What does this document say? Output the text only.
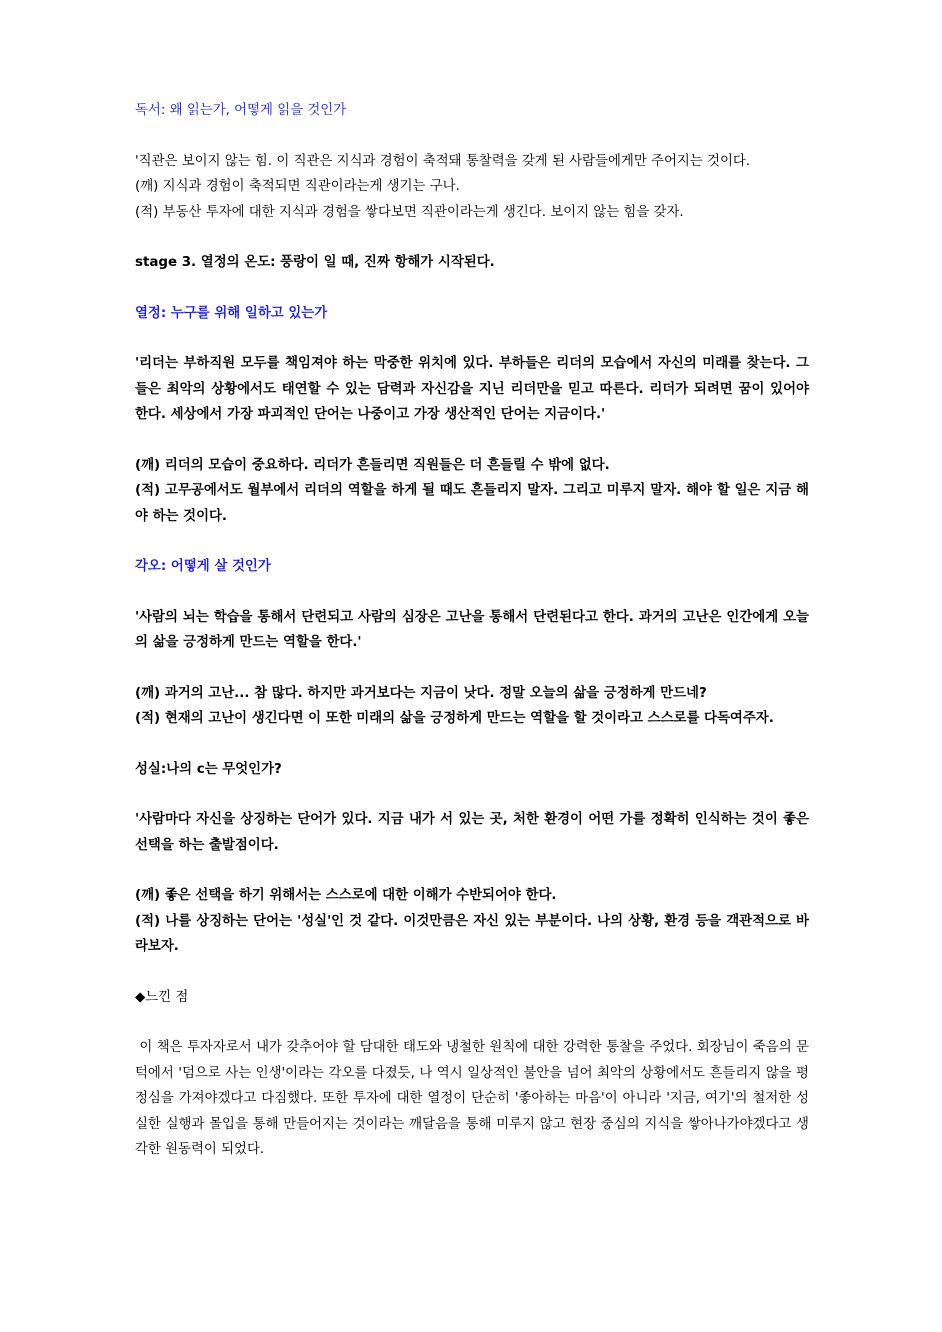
독서: 왜 읽는가, 어떻게 읽을 것인가

'직관은 보이지 않는 힘. 이 직관은 지식과 경험이 축적돼 통찰력을 갖게 된 사람들에게만 주어지는 것이다.

(깨) 지식과 경험이 축적되면 직관이라는게 생기는 구나.

(적) 부동산 투자에 대한 지식과 경험을 쌓다보면 직관이라는게 생긴다. 보이지 않는 힘을 갖자.

stage 3. 열정의 온도: 풍랑이 일 때, 진짜 항해가 시작된다.

열정: 누구를 위해 일하고 있는가

'리더는 부하직원 모두를 책임져야 하는 막중한 위치에 있다. 부하들은 리더의 모습에서 자신의 미래를 찾는다. 그들은 최악의 상황에서도 태연할 수 있는 담력과 자신감을 지닌 리더만을 믿고 따른다. 리더가 되려면 꿈이 있어야 한다. 세상에서 가장 파괴적인 단어는 나중이고 가장 생산적인 단어는 지금이다.'

(깨) 리더의 모습이 중요하다. 리더가 흔들리면 직원들은 더 흔들릴 수 밖에 없다.

(적) 고무공에서도 월부에서 리더의 역할을 하게 될 때도 흔들리지 말자. 그리고 미루지 말자. 해야 할 일은 지금 해야 하는 것이다.

각오: 어떻게 살 것인가

'사람의 뇌는 학습을 통해서 단련되고 사람의 심장은 고난을 통해서 단련된다고 한다. 과거의 고난은 인간에게 오늘의 삶을 긍정하게 만드는 역할을 한다.'

(깨) 과거의 고난... 참 많다. 하지만 과거보다는 지금이 낫다. 정말 오늘의 삶을 긍정하게 만드네?

(적) 현재의 고난이 생긴다면 이 또한 미래의 삶을 긍정하게 만드는 역할을 할 것이라고 스스로를 다독여주자.

성실:나의 c는 무엇인가?

'사람마다 자신을 상징하는 단어가 있다. 지금 내가 서 있는 곳, 처한 환경이 어떤 가를 정확히 인식하는 것이 좋은 선택을 하는 출발점이다.

(깨) 좋은 선택을 하기 위해서는 스스로에 대한 이해가 수반되어야 한다.

(적) 나를 상징하는 단어는 '성실'인 것 같다. 이것만큼은 자신 있는 부분이다. 나의 상황, 환경 등을 객관적으로 바라보자.

◆느낀 점

이 책은 투자자로서 내가 갖추어야 할 담대한 태도와 냉철한 원칙에 대한 강력한 통찰을 주었다. 회장님이 죽음의 문턱에서 '덤으로 사는 인생'이라는 각오를 다졌듯, 나 역시 일상적인 불안을 넘어 최악의 상황에서도 흔들리지 않을 평정심을 가져야겠다고 다짐했다. 또한 투자에 대한 열정이 단순히 '좋아하는 마음'이 아니라 '지금, 여기'의 철저한 성실한 실행과 몰입을 통해 만들어지는 것이라는 깨달음을 통해 미루지 않고 현장 중심의 지식을 쌓아나가야겠다고 생각한 원동력이 되었다.
